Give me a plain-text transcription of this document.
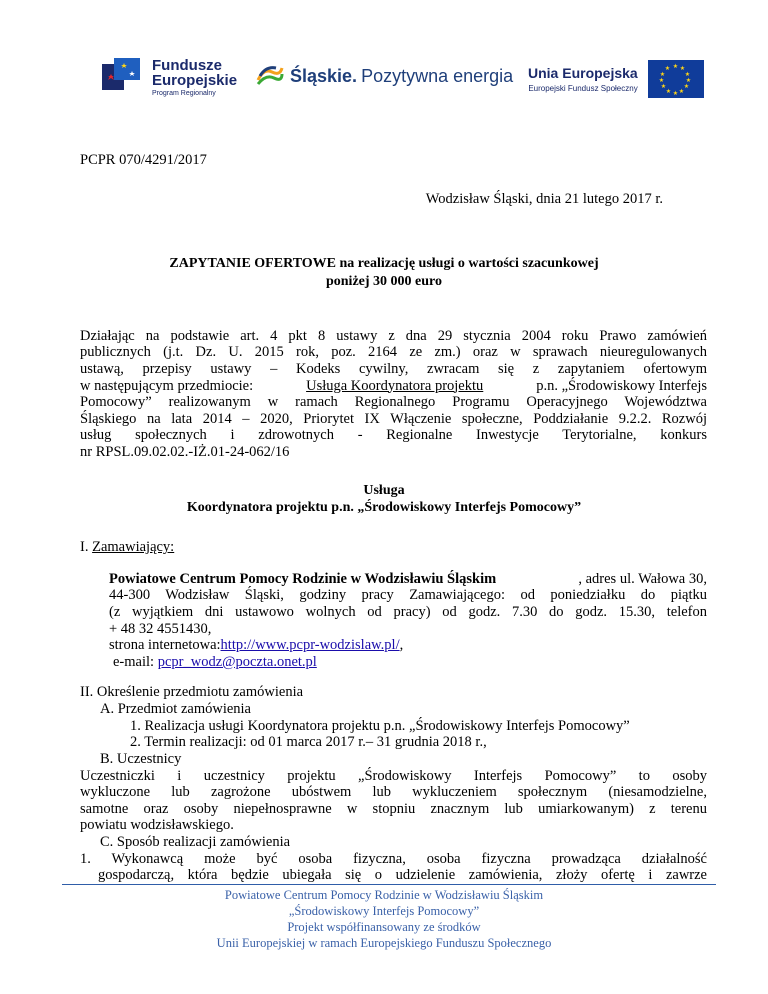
Fundusze
Europejskie
Program Regionalny
Śląskie. Pozytywna energia Unia Europejska
Europejski Fundusz Społeczny
★ ★
★
★
★
★
★
★
★
★
★
★
PCPR 070/4291/2017
Wodzisław Śląski, dnia 21 lutego 2017 r.
ZAPYTANIE OFERTOWE na realizację usługi o wartości szacunkowej
poniżej 30 000 euro
Działając na podstawie art. 4 pkt 8 ustawy z dna 29 stycznia 2004 roku Prawo zamówień
publicznych (j.t. Dz. U. 2015 rok, poz. 2164 ze zm.) oraz w sprawach nieuregulowanych
ustawą, przepisy ustawy – Kodeks cywilny, zwracam się z zapytaniem ofertowym
w następującym przedmiocie:	Usługa Koordynatora projektu	p.n. „Środowiskowy Interfejs
Pomocowy” realizowanym w ramach Regionalnego Programu Operacyjnego Województwa
Śląskiego na lata 2014 – 2020, Priorytet IX Włączenie społeczne, Poddziałanie 9.2.2. Rozwój
usług społecznych i zdrowotnych - Regionalne Inwestycje Terytorialne, konkurs
nr RPSL.09.02.02.-IŻ.01-24-062/16
Usługa
Koordynatora projektu p.n. „Środowiskowy Interfejs Pomocowy”
I. Zamawiający:
Powiatowe Centrum Pomocy Rodzinie w Wodzisławiu Śląskim	, adres ul. Wałowa 30,
44-300 Wodzisław Śląski, godziny pracy Zamawiającego: od poniedziałku do piątku
(z wyjątkiem dni ustawowo wolnych od pracy) od godz. 7.30 do godz. 15.30, telefon
+ 48 32 4551430,
strona internetowa:http://www.pcpr-wodzislaw.pl/,
e-mail: pcpr_wodz@poczta.onet.pl
II. Określenie przedmiotu zamówienia
A. Przedmiot zamówienia
1. Realizacja usługi Koordynatora projektu p.n. „Środowiskowy Interfejs Pomocowy”
2. Termin realizacji: od 01 marca 2017 r.– 31 grudnia 2018 r.,
B. Uczestnicy
Uczestniczki i uczestnicy projektu „Środowiskowy Interfejs Pomocowy” to osoby
wykluczone lub zagrożone ubóstwem lub wykluczeniem społecznym (niesamodzielne,
samotne oraz osoby niepełnosprawne w stopniu znacznym lub umiarkowanym) z terenu
powiatu wodzisławskiego.
C. Sposób realizacji zamówienia
1. Wykonawcą może być osoba fizyczna, osoba fizyczna prowadząca działalność
gospodarczą, która będzie ubiegała się o udzielenie zamówienia, złoży ofertę i zawrze
Powiatowe Centrum Pomocy Rodzinie w Wodzisławiu Śląskim
„Środowiskowy Interfejs Pomocowy”
Projekt współfinansowany ze środków
Unii Europejskiej w ramach Europejskiego Funduszu Społecznego
